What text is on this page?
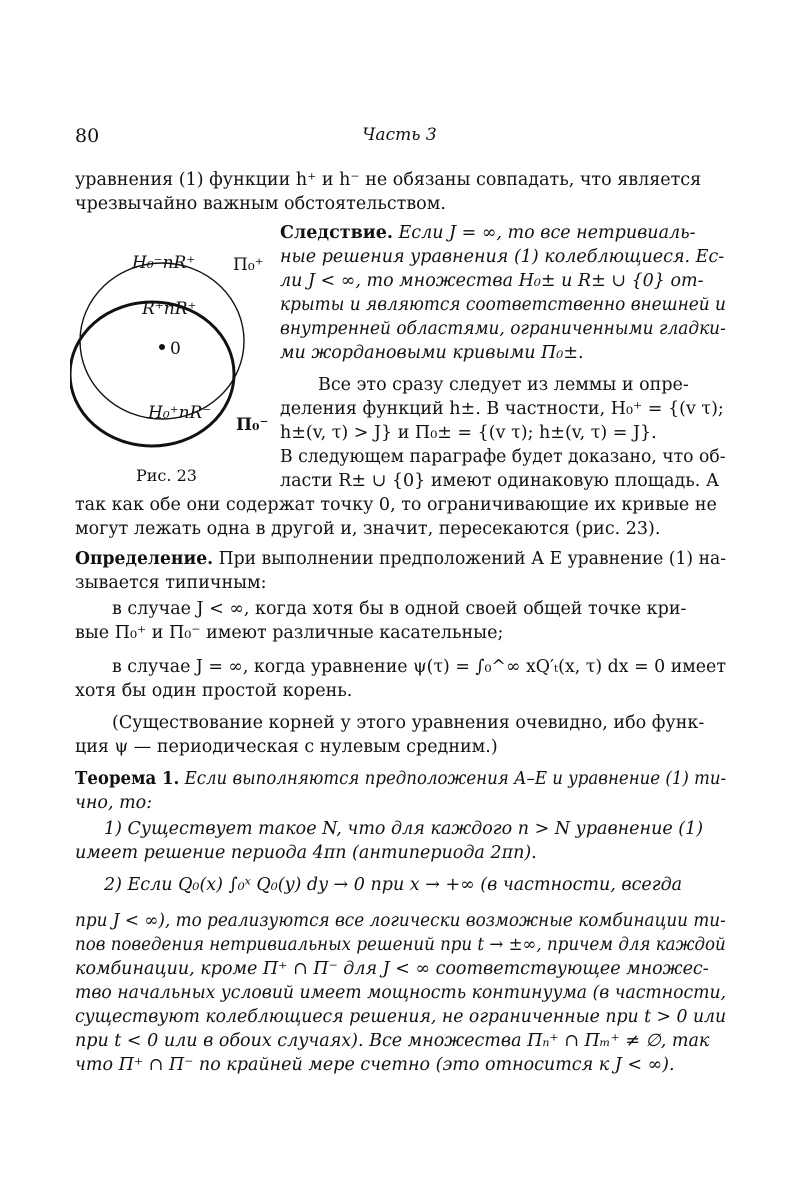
80	Часть 3
уравнения (1) функции h⁺ и h⁻ не обязаны совпадать, что является
чрезвычайно важным обстоятельством.
H₀⁻nR⁺
R⁺nR⁺
0
H₀⁺nR⁻
Π₀⁺
Π₀⁻
Рис. 23
Следствие. Если J = ∞, то все нетривиаль-
ные решения уравнения (1) колеблющиеся. Ес-
ли J < ∞, то множества H₀± и R± ∪ {0} от-
крыты и являются соответственно внешней и
внутренней областями, ограниченными гладки-
ми жордановыми кривыми Π₀±.
Все это сразу следует из леммы и опре-
деления функций h±. В частности, H₀⁺ = {(v τ);
h±(v, τ) > J} и Π₀± = {(v τ); h±(v, τ) = J}.
В следующем параграфе будет доказано, что об-
ласти R± ∪ {0} имеют одинаковую площадь. А
так как обе они содержат точку 0, то ограничивающие их кривые не
могут лежать одна в другой и, значит, пересекаются (рис. 23).
Определение. При выполнении предположений А Е уравнение (1) на-
зывается типичным:
в случае J < ∞, когда хотя бы в одной своей общей точке кри-
вые Π₀⁺ и Π₀⁻ имеют различные касательные;
в случае J = ∞, когда уравнение ψ(τ) = ∫₀^∞ xQ′ₜ(x, τ) dx = 0 имеет
хотя бы один простой корень.
(Существование корней у этого уравнения очевидно, ибо функ-
ция ψ — периодическая с нулевым средним.)
Теорема 1. Если выполняются предположения А–Е и уравнение (1) ти-
чно, то:
1) Существует такое N, что для каждого n > N уравнение (1)
имеет решение периода 4πn (антипериода 2πn).
2) Если Q₀(x) ∫₀ˣ Q₀(y) dy → 0 при x → +∞ (в частности, всегда
при J < ∞), то реализуются все логически возможные комбинации ти-
пов поведения нетривиальных решений при t → ±∞, причем для каждой
комбинации, кроме Π⁺ ∩ Π⁻ для J < ∞ соответствующее множес-
тво начальных условий имеет мощность континуума (в частности,
существуют колеблющиеся решения, не ограниченные при t > 0 или
при t < 0 или в обоих случаях). Все множества Πₙ⁺ ∩ Πₘ⁺ ≠ ∅, так
что Π⁺ ∩ Π⁻ по крайней мере счетно (это относится к J < ∞).
